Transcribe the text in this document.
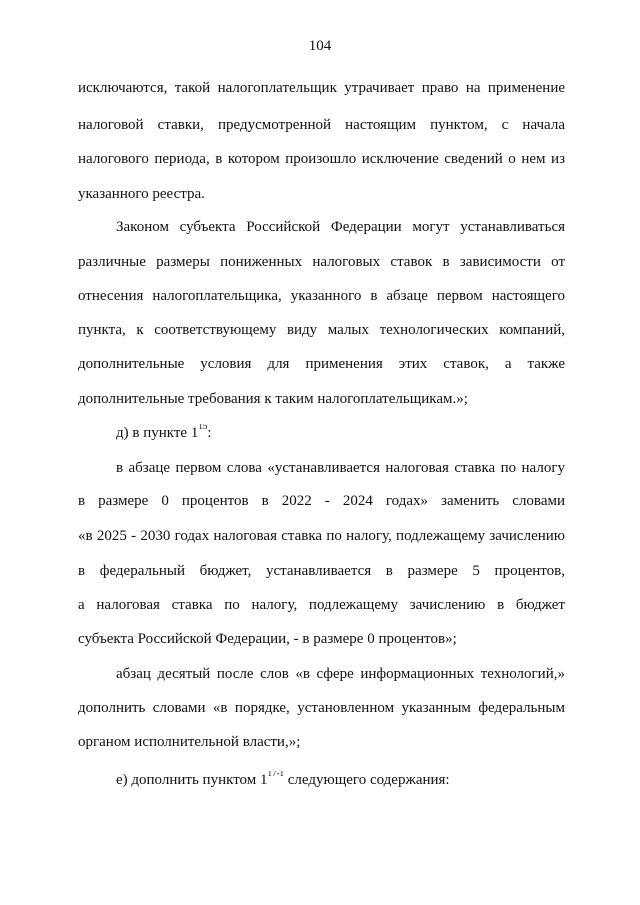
104
исключаются, такой налогоплательщик утрачивает право на применение
налоговой ставки, предусмотренной настоящим пунктом, с начала
налогового периода, в котором произошло исключение сведений о нем из
указанного реестра.
Законом субъекта Российской Федерации могут устанавливаться
различные размеры пониженных налоговых ставок в зависимости от
отнесения налогоплательщика, указанного в абзаце первом настоящего
пункта, к соответствующему виду малых технологических компаний,
дополнительные условия для применения этих ставок, а также
дополнительные требования к таким налогоплательщикам.»;
д) в пункте $1^{15}$:
в абзаце первом слова «устанавливается налоговая ставка по налогу
в размере 0 процентов в 2022 - 2024 годах» заменить словами
«в 2025 - 2030 годах налоговая ставка по налогу, подлежащему зачислению
в федеральный бюджет, устанавливается в размере 5 процентов,
а налоговая ставка по налогу, подлежащему зачислению в бюджет
субъекта Российской Федерации, - в размере 0 процентов»;
абзац десятый после слов «в сфере информационных технологий,»
дополнить словами «в порядке, установленном указанным федеральным
органом исполнительной власти,»;
е) дополнить пунктом 1$^{17-1}$ следующего содержания:
